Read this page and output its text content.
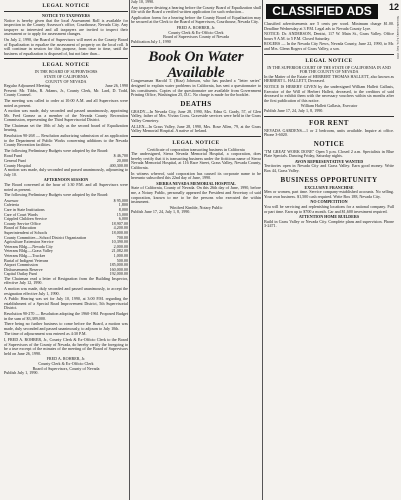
12
Nevada County Lyre, July 1991
LEGAL NOTICE
NOTICE TO TAXPAYERS

Notice is hereby given that the local Assessment Roll is available for inspection in the County Assessor's office, Courthouse, Nevada City. Any taxpayer so interested and all taxpayers are invited to inspect their assessment or to apply for assessment changes.

On July 2, 1990, the Board of Supervisors will meet as the County Board of Equalization to equalize the assessment of property on the local roll. It will continue in session for this purpose, from time to time, until the business of equalization is disposed of, but not later than...

LEGAL NOTICE
IN THE BOARD OF SUPERVISORS
STATE OF CALIFORNIA
COUNTY OF NEVADA
Regular Adjourned Meeting	June 26, 1990

Present: Mr. Tibbs, R. Adams, Jr., County Clerk, Mr. Lard, D. Todd, County Counsel.

The meeting was called to order at 10:00 A.M. and all Supervisors were noted as present.

A motion was made, duly seconded and passed unanimously, appointing Mr. Fred Gomez as a member of the Nevada County Recreation Commission, representing the Third Supervisorial District.

The Chairman set the 10th of July as the second board of Equalization hearing.

Resolution 90-268 — Resolution authorizing submission of an application to the Department of Public Works concerning additions to the Nevada County Recreation facilities.

The following Preliminary Budgets were adopted by the Board:

Road Fund	$ 46,700
General Fund	20,000
County Hospital	400,300.00

A motion was made, duly seconded and passed unanimously, adjourning to July 10.

AFTERNOON SESSION

The Board convened at the hour of 1:30 P.M. and all Supervisors were noted as present.

The following Preliminary Budgets were adopted by the Board:

Assessor	$ 95,000
Cafeteria	1,800
Care in State Institutions	8,000
Care of Court Wards	15,000
Crippled Children Service	6,000
County Service Office	18,907.00
Board of Education	4,200.00
Superintendent of Schools	18,000.00
County Committee—School District Organization	700.00
Agriculture Extension Service	10,390.00
Veterans Bldg.—Nevada City	2,000.00
Veterans Bldg.—Grass Valley	21,082.00
Veterans Bldg.—Truckee	1,000.00
Burial of Indigent Veterans	500.00
Airport Commission	185,000.00
Disbursements Reserve	160,000.00
Capital Outlay Fund	192,000.00

The Chairman read a letter of Resignation from the Building Inspector, effective July 12, 1990.

A motion was made, duly seconded and passed unanimously, to accept the resignation effective July 1, 1990.

A Public Hearing was set for July 10, 1990, at 3:00 P.M. regarding the establishment of a Special Road Improvement District, 5th Supervisorial District.

Resolution 90-270 — Resolution adopting the 1960-1961 Proposed Budget in the sum of $3,389,000.

There being no further business to come before the Board, a motion was made, duly seconded and passed unanimously, to adjourn to July 10th.

The time of adjournment was entered as 4:30 P.M.

I, FRED A. ROHRER, Jr., County Clerk & Ex-Officio Clerk to the Board of Supervisors of the County of Nevada, do hereby certify the foregoing to be a true excerpt of the minutes of the meeting of the Board of Supervisors held on June 26, 1990.

FRED A. ROHRER, Jr.
County Clerk & Ex-Officio Clerk
Board of Supervisors, County of Nevada
Publish July 1, 1990.
July 10, 1990.

Any taxpayer desiring a hearing before the County Board of Equalization shall file with the Board a verified written application for such reduction...

Application forms for a hearing before the County Board of Equalization may be secured at the Clerk to the Board of Supervisors, Courthouse, Nevada City.

FRED A. ROHRER, Jr.
County Clerk & Ex-Officio Clerk
Board of Supervisors County of Nevada
Publication July 1, 1990
Book On Water Available

Congressman Harold T. (Bizz) Johnson, who has pushed a "letter series" designed to explain water problems in California, has sent a questionnaire to his constituents. Copies of the questionnaire are available from Government Printing Office, Washington 25, D.C. No charge is made for the booklet.

DEATHS

GRADY—In Nevada City, June 28, 1990, Mrs. Edna G. Grady, 57, of Glen Valley, father of Mrs. Vivian Cross. Graveside services were held in the Grass Valley Cemetery.

ALLEN—In Grass Valley, June 28, 1990, Mrs. Rose Allen, 79, at the Grass Valley Memorial Hospital. A native of Ireland.

LEGAL NOTICE
Certificate of corporation transacting business in California

The undersigned, Sierra Nevada Memorial Hospital, a corporation, does hereby certify that it is transacting business under the fictitious name of Sierra Nevada Memorial Hospital, at 116 Race Street, Grass Valley, Nevada County, California.

In witness whereof, said corporation has caused its corporate name to be hereunto subscribed this 22nd day of June, 1990.

SIERRA NEVADA MEMORIAL HOSPITAL

State of California, County of Nevada. On this 26th day of June, 1990, before me, a Notary Public, personally appeared the President and Secretary of said corporation, known to me to be the persons who executed the within instrument.

Winifred Kimble, Notary Public
Publish June 17, 24, July 1, 8, 1990.

Classified advertisements are 5 cents per word. Minimum charge $1.00. Deadline Wednesday at 3 P.M. Legal ads to Nevada County Lyre.

NOTICE: Dr. ANDERSON, Dentist, 117 W. Main St., Grass Valley. Office hours 9 A.M. to 5 P.M. Closed Saturday.

ROGERS — In the Nevada City News, Nevada County, June 22, 1990, to Mr. and Mrs. Glenn Rogers of Grass Valley, a son.

LEGAL NOTICE
IN THE SUPERIOR COURT OF THE STATE OF CALIFORNIA IN AND FOR THE COUNTY OF NEVADA

In the Matter of the Estate of HERBERT THOMAS HALLETT, also known as HERBERT L. HALLETT, Deceased.

NOTICE IS HEREBY GIVEN by the undersigned William Hallett Gallasis, Executor of the Will of Herbert Hallett, deceased, to the creditors of said deceased to exhibit them with the necessary vouchers within six months after the first publication of this notice.

William Hallett Gallasis, Executor
Publish June 17, 24, July 1, 8, 1990.
FOR RENT

NEVADA GARDENS—1 or 2 bedroom, units available. Inquire at office. Phone 3-6020.

NOTICE

"I'M GREAT WORK DONE" Open 5 p.m. Closed 2 a.m. Specialists in Blue Plate Specials. Dancing Friday, Saturday nights.

AVON REPRESENTATIVE WANTED

Territories open in Nevada City and Grass Valley. Earn good money. Write Box 44, Grass Valley.

BUSINESS OPPORTUNITY
EXCLUSIVE FRANCHISE

Men or women, part time. Service company-established accounts. No selling. Your own business. $1,500 cash required. Write Box 188, Nevada City.

NO COMPETITION

You will be servicing and replenishing locations for a national company. Full or part time. Earn up to $700 a month. Car and $1,600 investment required.

ATTENTION HOME BUILDERS

Build in Grass Valley or Nevada City. Complete plans and supervision. Phone 3-2471.

CLASSIFIED ADS
